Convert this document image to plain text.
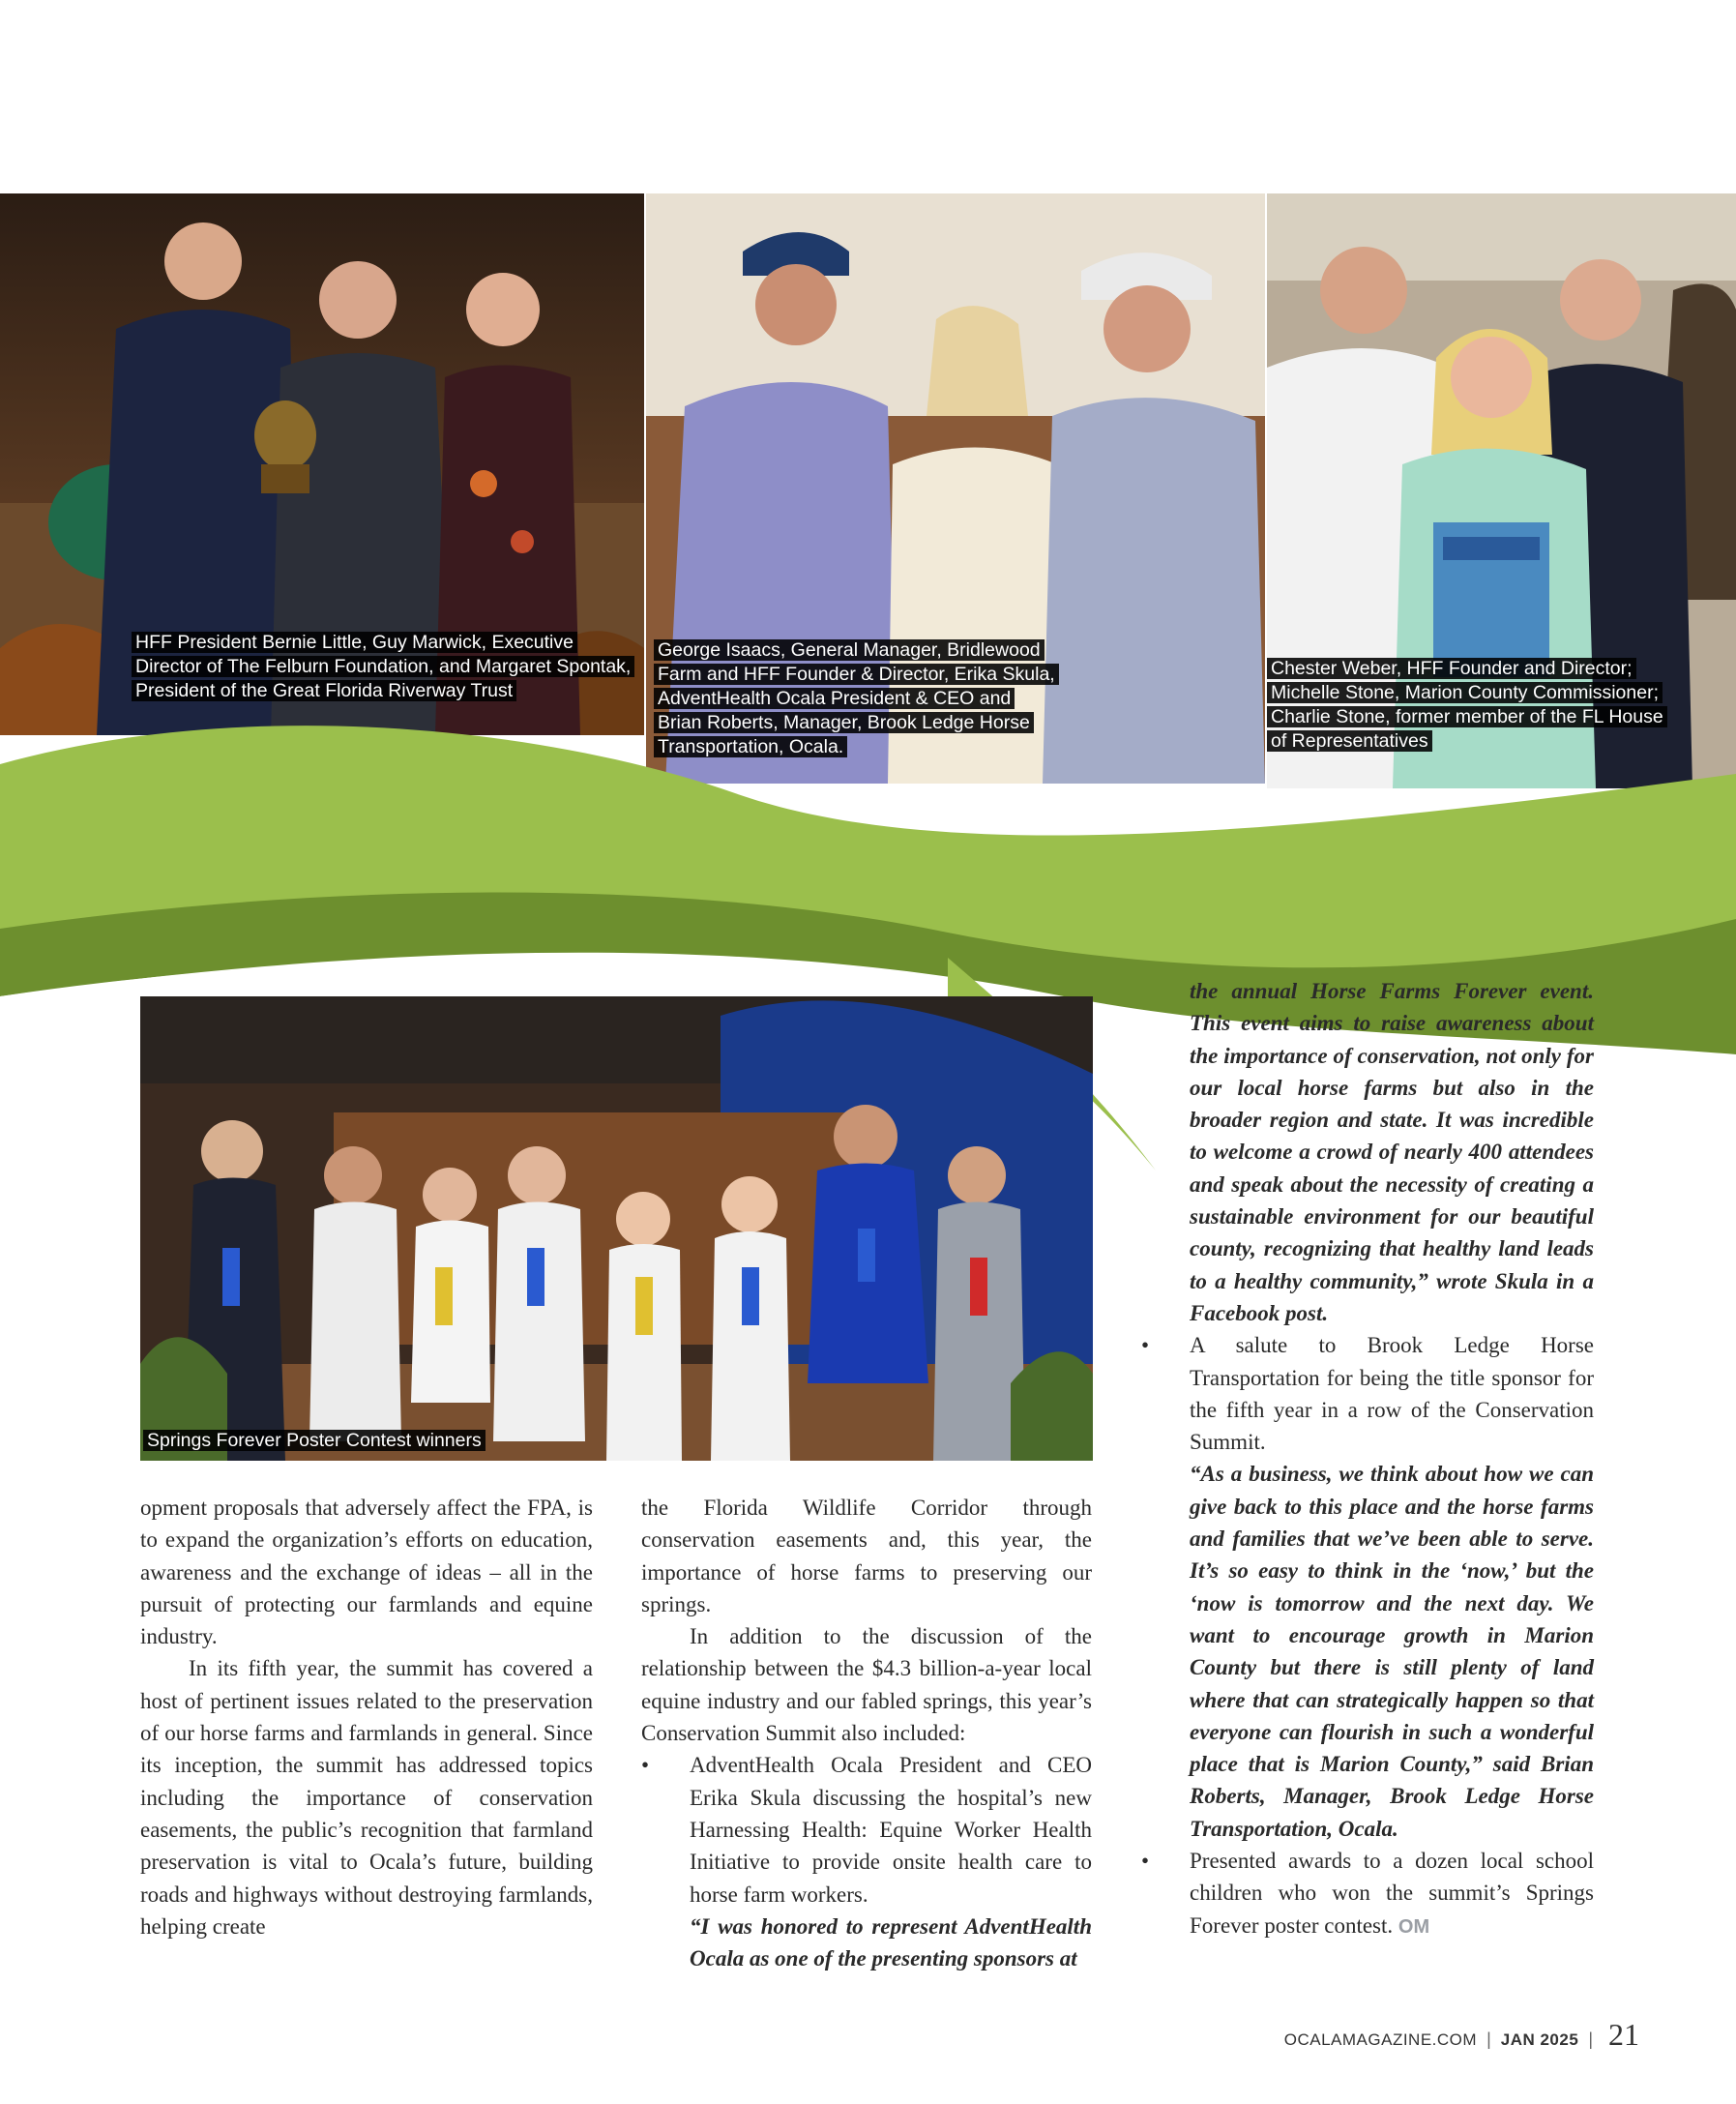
HFF President Bernie Little, Guy Marwick, Executive Director of The Felburn Foundation, and Margaret Spontak, President of the Great Florida Riverway Trust
George Isaacs, General Manager, Bridlewood Farm and HFF Founder & Director, Erika Skula, AdventHealth Ocala President & CEO and Brian Roberts, Manager, Brook Ledge Horse Transportation, Ocala.
Chester Weber, HFF Founder and Director; Michelle Stone, Marion County Commissioner; Charlie Stone, former member of the FL House of Representatives
Springs Forever Poster Contest winners

opment proposals that adversely affect the FPA, is to expand the organization’s efforts on education, awareness and the exchange of ideas – all in the pursuit of protecting our farmlands and equine industry.

In its fifth year, the summit has covered a host of pertinent issues related to the preservation of our horse farms and farmlands in general. Since its inception, the summit has addressed topics including the importance of conservation easements, the public’s recognition that farmland preservation is vital to Ocala’s future, building roads and highways without destroying farmlands, helping create

the Florida Wildlife Corridor through conservation easements and, this year, the importance of horse farms to preserving our springs.

In addition to the discussion of the relationship between the $4.3 billion-a-year local equine industry and our fabled springs, this year’s Conservation Summit also included:

• AdventHealth Ocala President and CEO Erika Skula discussing the hospital’s new Harnessing Health: Equine Worker Health Initiative to provide onsite health care to horse farm workers.

“I was honored to represent AdventHealth Ocala as one of the presenting sponsors at

the annual Horse Farms Forever event. This event aims to raise awareness about the importance of conservation, not only for our local horse farms but also in the broader region and state. It was incredible to welcome a crowd of nearly 400 attendees and speak about the necessity of creating a sustainable environment for our beautiful county, recognizing that healthy land leads to a healthy community,” wrote Skula in a Facebook post.

• A salute to Brook Ledge Horse Transportation for being the title sponsor for the fifth year in a row of the Conservation Summit.

“As a business, we think about how we can give back to this place and the horse farms and families that we’ve been able to serve. It’s so easy to think in the ‘now,’ but the ‘now is tomorrow and the next day. We want to encourage growth in Marion County but there is still plenty of land where that can strategically happen so that everyone can flourish in such a wonderful place that is Marion County,” said Brian Roberts, Manager, Brook Ledge Horse Transportation, Ocala.

• Presented awards to a dozen local school children who won the summit’s Springs Forever poster contest. OM

OCALAMAGAZINE.COM | JAN 2025 | 21
